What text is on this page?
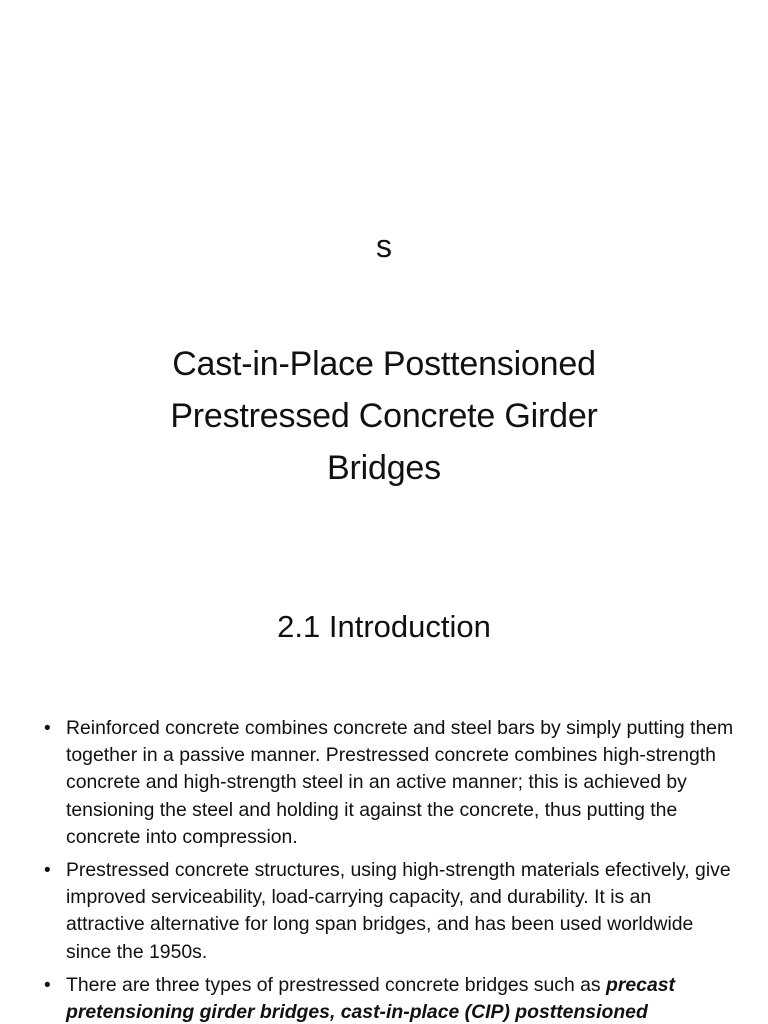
s
Cast-in-Place Posttensioned
Prestressed Concrete Girder
Bridges
2.1 Introduction
• Reinforced concrete combines concrete and steel bars by simply putting them together in a passive manner. Prestressed concrete combines high-strength concrete and high-strength steel in an active manner; this is achieved by tensioning the steel and holding it against the concrete, thus putting the concrete into compression.
• Prestressed concrete structures, using high-strength materials efectively, give improved serviceability, load-carrying capacity, and durability. It is an attractive alternative for long span bridges, and has been used worldwide since the 1950s.
• There are three types of prestressed concrete bridges such as precast pretensioning girder bridges, cast-in-place (CIP) posttensioned
